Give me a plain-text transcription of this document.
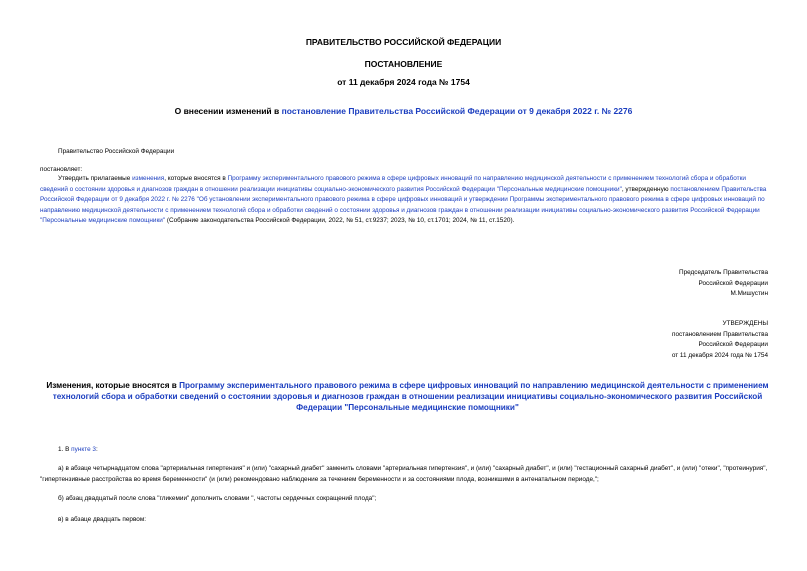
ПРАВИТЕЛЬСТВО РОССИЙСКОЙ ФЕДЕРАЦИИ
ПОСТАНОВЛЕНИЕ
от 11 декабря 2024 года № 1754
О внесении изменений в постановление Правительства Российской Федерации от 9 декабря 2022 г. № 2276
Правительство Российской Федерации
постановляет:
Утвердить прилагаемые изменения, которые вносятся в Программу экспериментального правового режима в сфере цифровых инноваций по направлению медицинской деятельности с применением технологий сбора и обработки сведений о состоянии здоровья и диагнозов граждан в отношении реализации инициативы социально-экономического развития Российской Федерации "Персональные медицинские помощники", утвержденную постановлением Правительства Российской Федерации от 9 декабря 2022 г. № 2276 "Об установлении экспериментального правового режима в сфере цифровых инноваций и утверждении Программы экспериментального правового режима в сфере цифровых инноваций по направлению медицинской деятельности с применением технологий сбора и обработки сведений о состоянии здоровья и диагнозов граждан в отношении реализации инициативы социально-экономического развития Российской Федерации "Персональные медицинские помощники" (Собрание законодательства Российской Федерации, 2022, № 51, ст.9237; 2023, № 10, ст.1701; 2024, № 11, ст.1520).
Председатель Правительства
Российской Федерации
М.Мишустин
УТВЕРЖДЕНЫ
постановлением Правительства
Российской Федерации
от 11 декабря 2024 года № 1754
Изменения, которые вносятся в Программу экспериментального правового режима в сфере цифровых инноваций по направлению медицинской деятельности с применением технологий сбора и обработки сведений о состоянии здоровья и диагнозов граждан в отношении реализации инициативы социально-экономического развития Российской Федерации "Персональные медицинские помощники"
1. В пункте 3:
а) в абзаце четырнадцатом слова "артериальная гипертензия" и (или) "сахарный диабет" заменить словами "артериальная гипертензия", и (или) "сахарный диабет", и (или) "гестационный сахарный диабет", и (или) "отеки", "протеинурия", "гипертензивные расстройства во время беременности" (и (или) рекомендовано наблюдение за течением беременности и за состояниями плода, возникшими в антенатальном периоде,";
б) абзац двадцатый после слова "гликемии" дополнить словами ", частоты сердечных сокращений плода";
в) в абзаце двадцать первом:
